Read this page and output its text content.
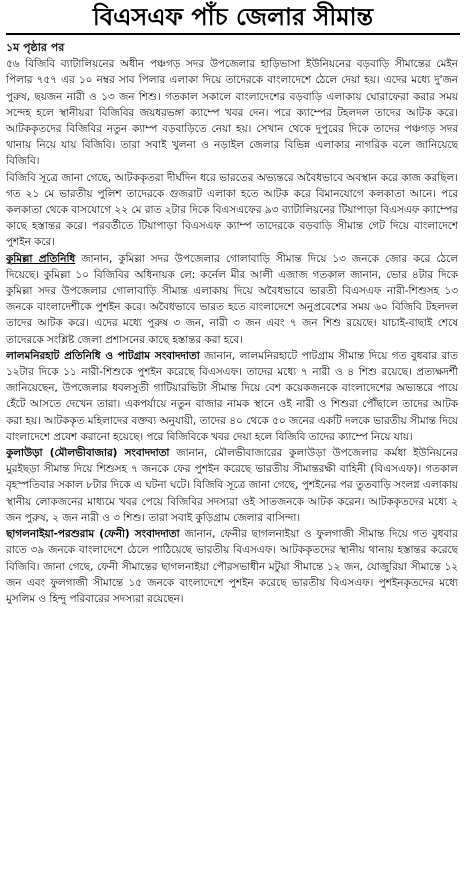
বিএসএফ পাঁচ জেলার সীমান্ত

১ম পৃষ্ঠার পর

৫৬ বিজিবি ব্যাটালিয়নের অধীন পঞ্চগড় সদর উপজেলার হাড়িভাসা ইউনিয়নের বড়বাড়ি সীমান্তের মেইন পিলার ৭৫৭ এর ১০ নম্বর সাব পিলার এলাকা দিয়ে তাদেরকে বাংলাদেশে ঠেলে দেয়া হয়। এদের মধ্যে দু'জন পুরুষ, ছয়জন নারী ও ১৩ জন শিশু। গতকাল সকালে বাংলাদেশের বড়বাড়ি এলাকায় ঘোরাফেরা করার সময় সন্দেহ হলে স্থানীয়রা বিজিবির জয়ধরভঙ্গা ক্যাম্পে খবর দেন। পরে ক্যাম্পের টহলদল তাদের আটক করে। আটককৃতদের বিজিবির নতুন ক্যাম্প বড়বাড়িতে নেয়া হয়। সেখান থেকে দুপুরের দিকে তাদের পঞ্চগড় সদর থানায় নিয়ে যায় বিজিবি। তারা সবাই খুলনা ও নড়াইল জেলার বিভিন্ন এলাকার নাগরিক বলে জানিয়েছে বিজিবি।

বিজিবি সূত্রে জানা গেছে, আটককৃতরা দীর্ঘদিন ধরে ভারতের অভ্যন্তরে অবৈধভাবে অবস্থান করে কাজ করছিল। গত ২১ মে ভারতীয় পুলিশ তাদেরকে গুজরাট এলাকা হতে আটক করে বিমানযোগে কলকাতা আনে। পরে কলকাতা থেকে বাসযোগে ২২ মে রাত ২টার দিকে বিএসএফের ৯৩ ব্যাটালিয়নের টিয়াপাড়া বিএসএফ ক্যাম্পের কাছে হস্তান্তর করে। পরবর্তীতে টিয়াপাড়া বিএসএফ ক্যাম্প তাদেরকে বড়বাড়ি সীমান্ত গেট দিয়ে বাংলাদেশে পুশইন করে।

কুমিল্লা প্রতিনিধি জানান, কুমিল্লা সদর উপজেলার গোলাবাড়ি সীমান্ত দিয়ে ১৩ জনকে জোর করে ঠেলে দিয়েছে। কুমিল্লা ১০ বিজিবির অধিনায়ক লে: কর্নেল মীর আলী এজাজ গতকাল জানান, ভোর ৪টার দিকে কুমিল্লা সদর উপজেলার গোলাবাড়ি সীমান্ত এলাকায় দিয়ে অবৈধভাবে ভারতী বিএসএফ নারী-শিশুসহ ১৩ জনকে বাংলাদেশীকে পুশইন করে। অবৈধভাবে ভারত হতে বাংলাদেশে অনুপ্রবেশের সময় ৬০ বিজিবি টহলদল তাদের আটক করে। এদের মধ্যে পুরুষ ৩ জন, নারী ৩ জন এবং ৭ জন শিশু রয়েছে। যাচাই-বাছাই শেষে তাদেরকে সংশ্লিষ্ট জেলা প্রশাসনের কাছে হস্তান্তর করা হবে।

লালমনিরহাট প্রতিনিধি ও পাটগ্রাম সংবাদদাতা জানান, লালমনিরহাটে পাটগ্রাম সীমান্ত দিয়ে গত বুধবার রাত ১২টার দিকে ১১ নারী-শিশুকে পুশইন করেছে বিএসএফ। তাদের মধ্যে ৭ নারী ও ৪ শিশু রয়েছে। প্রত্যক্ষদর্শী জানিয়েছেন, উপজেলার ধবলসুতী গাটিয়ারভিটা সীমান্ত দিয়ে বেশ কয়েকজনকে বাংলাদেশের অভ্যন্তরে পায়ে হেঁটে আসতে দেখেন তারা। একপর্যায়ে নতুন বাজার নামক স্থানে ওই নারী ও শিশুরা পৌঁছালে তাদের আটক করা হয়। আটককৃত মহিলাদের বক্তব্য অনুযায়ী, তাদের ৪০ থেকে ৫০ জনের একটি দলকে ভারতীয় সীমান্ত দিয়ে বাংলাদেশে প্রবেশ করানো হয়েছে। পরে বিজিবিকে খবর দেয়া হলে বিজিবি তাদের ক্যাম্পে নিয়ে যায়।

কুলাউড়া (মৌলভীবাজার) সংবাদদাতা জানান, মৌলভীবাজারের কুলাউড়া উপজেলার কর্মধা ইউনিয়নের মুরইছড়া সীমান্ত দিয়ে শিশুসহ ৭ জনকে ফের পুশইন করেছে ভারতীয় সীমান্তরক্ষী বাহিনী (বিএসএফ)। গতকাল বৃহস্পতিবার সকাল ৮টার দিকে এ ঘটনা ঘটে। বিজিবি সূত্রে জানা গেছে, পুশইনের পর তুতবাড়ি সংলগ্ন এলাকায় স্থানীয় লোকজনের মাধ্যমে খবর পেয়ে বিজিবির সদস্যরা ওই সাতজনকে আটক করেন। আটককৃতদের মধ্যে ২ জন পুরুষ, ২ জন নারী ও ৩ শিশু। তারা সবাই কুড়িগ্রাম জেলার বাসিন্দা।

ছাগলনাইয়া-পরশুরাম (ফেনী) সংবাদদাতা জানান, ফেনীর ছাগলনাইয়া ও ফুলগাজী সীমান্ত দিয়ে গত বুধবার রাতে ৩৯ জনকে বাংলাদেশে ঠেলে পাঠিয়েছে ভারতীয় বিএসএফ। আটককৃতদের স্থানীয় থানায় হস্তান্তর করেছে বিজিবি। জানা গেছে, ফেনী সীমান্তের ছাগলনাইয়া পৌরসভাধীন মটুয়া সীমান্তে ১২ জন, যোজুরিয়া সীমান্তে ১২ জন এবং ফুলগাজী সীমান্তে ১৫ জনকে বাংলাদেশে পুশইন করেছে ভারতীয় বিএসএফ। পুশইনকৃতদের মধ্যে মুসলিম ও হিন্দু পরিবারের সদস্যরা রয়েছেন।
